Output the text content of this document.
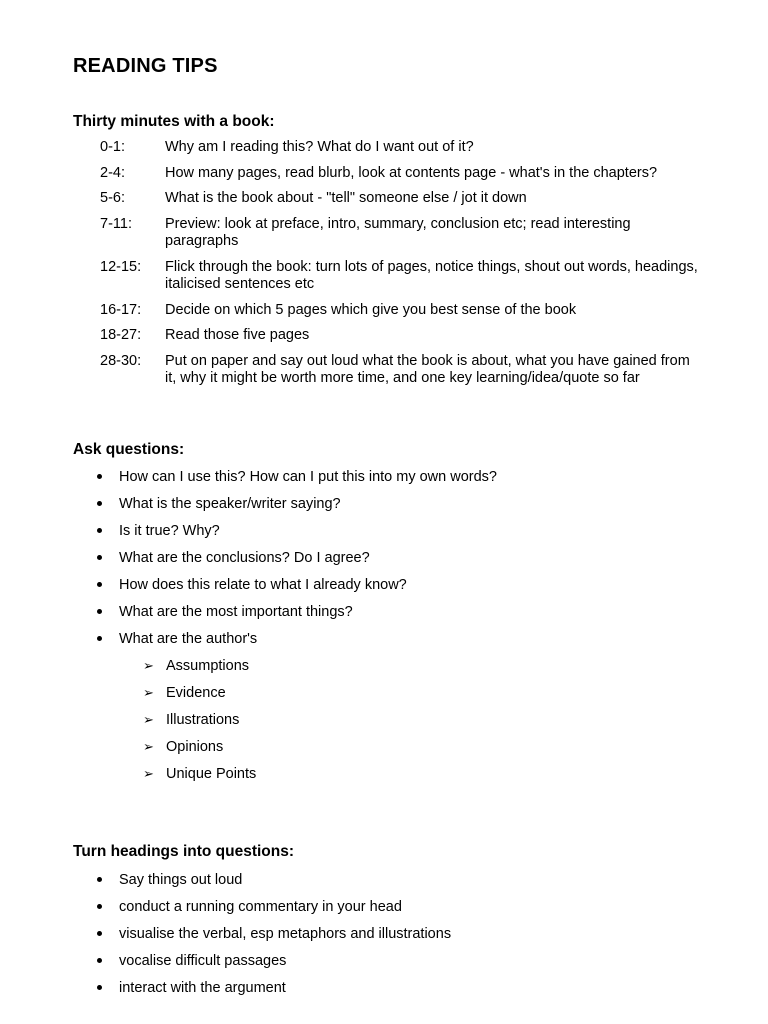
READING TIPS
Thirty minutes with a book:
0-1:	Why am I reading this? What do I want out of it?
2-4:	How many pages, read blurb, look at contents page - what's in the chapters?
5-6:	What is the book about - "tell" someone else / jot it down
7-11:	Preview: look at preface, intro, summary, conclusion etc; read interesting paragraphs
12-15:	Flick through the book: turn lots of pages, notice things, shout out words, headings, italicised sentences etc
16-17:	Decide on which 5 pages which give you best sense of the book
18-27:	Read those five pages
28-30:	Put on paper and say out loud what the book is about, what you have gained from it, why it might be worth more time, and one key learning/idea/quote so far
Ask questions:
How can I use this? How can I put this into my own words?
What is the speaker/writer saying?
Is it true? Why?
What are the conclusions? Do I agree?
How does this relate to what I already know?
What are the most important things?
What are the author's
➢ Assumptions
➢ Evidence
➢ Illustrations
➢ Opinions
➢ Unique Points
Turn headings into questions:
Say things out loud
conduct a running commentary in your head
visualise the verbal, esp metaphors and illustrations
vocalise difficult passages
interact with the argument
